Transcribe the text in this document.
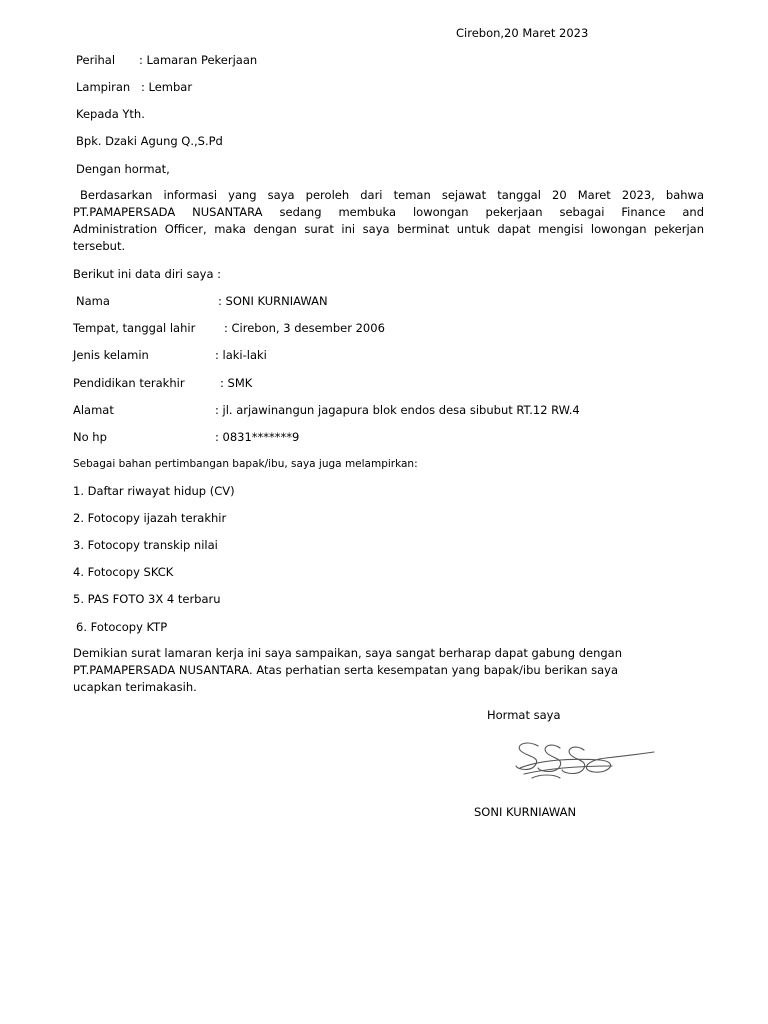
Cirebon,20 Maret 2023
Perihal : Lamaran Pekerjaan
Lampiran : Lembar
Kepada Yth.
Bpk. Dzaki Agung Q.,S.Pd
Dengan hormat,
Berdasarkan informasi yang saya peroleh dari teman sejawat tanggal 20 Maret 2023, bahwa
PT.PAMAPERSADA NUSANTARA sedang membuka lowongan pekerjaan sebagai Finance and
Administration Officer, maka dengan surat ini saya berminat untuk dapat mengisi lowongan pekerjan
tersebut.
Berikut ini data diri saya :
Nama	: SONI KURNIAWAN
Tempat, tanggal lahir : Cirebon, 3 desember 2006
Jenis kelamin	: laki-laki
Pendidikan terakhir	: SMK
Alamat	: jl. arjawinangun jagapura blok endos desa sibubut RT.12 RW.4
No hp	: 0831*******9
Sebagai bahan pertimbangan bapak/ibu, saya juga melampirkan:
1. Daftar riwayat hidup (CV)
2. Fotocopy ijazah terakhir
3. Fotocopy transkip nilai
4. Fotocopy SKCK
5. PAS FOTO 3X 4 terbaru
6. Fotocopy KTP
Demikian surat lamaran kerja ini saya sampaikan, saya sangat berharap dapat gabung dengan
PT.PAMAPERSADA NUSANTARA. Atas perhatian serta kesempatan yang bapak/ibu berikan saya
ucapkan terimakasih.
Hormat saya
SONI KURNIAWAN
